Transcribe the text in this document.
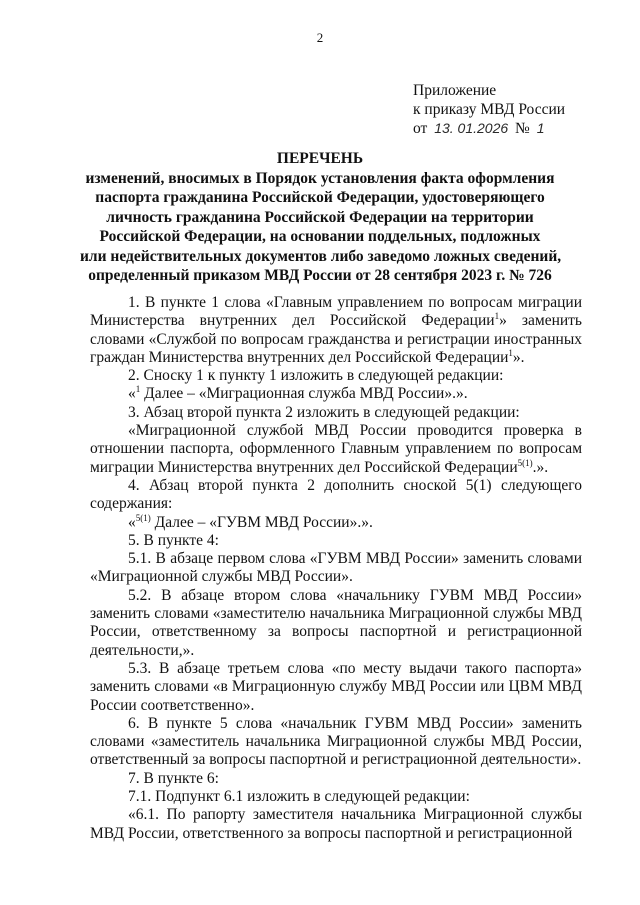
2
Приложение
к приказу МВД России
от 13. 01.2026 № 1
ПЕРЕЧЕНЬ
изменений, вносимых в Порядок установления факта оформления
паспорта гражданина Российской Федерации, удостоверяющего
личность гражданина Российской Федерации на территории
Российской Федерации, на основании поддельных, подложных
или недействительных документов либо заведомо ложных сведений,
определенный приказом МВД России от 28 сентября 2023 г. № 726

1. В пункте 1 слова «Главным управлением по вопросам миграции Министерства внутренних дел Российской Федерации$^1$» заменить словами «Службой по вопросам гражданства и регистрации иностранных граждан Министерства внутренних дел Российской Федерации$^1$».

2. Сноску 1 к пункту 1 изложить в следующей редакции:

«$^1$ Далее – «Миграционная служба МВД России».».

3. Абзац второй пункта 2 изложить в следующей редакции:

«Миграционной службой МВД России проводится проверка в отношении паспорта, оформленного Главным управлением по вопросам миграции Министерства внутренних дел Российской Федерации$^{5(1)}$.».

4. Абзац второй пункта 2 дополнить сноской 5(1) следующего содержания:

«$^{5(1)}$ Далее – «ГУВМ МВД России».».

5. В пункте 4:

5.1. В абзаце первом слова «ГУВМ МВД России» заменить словами «Миграционной службы МВД России».

5.2. В абзаце втором слова «начальнику ГУВМ МВД России» заменить словами «заместителю начальника Миграционной службы МВД России, ответственному за вопросы паспортной и регистрационной деятельности,».

5.3. В абзаце третьем слова «по месту выдачи такого паспорта» заменить словами «в Миграционную службу МВД России или ЦВМ МВД России соответственно».

6. В пункте 5 слова «начальник ГУВМ МВД России» заменить словами «заместитель начальника Миграционной службы МВД России, ответственный за вопросы паспортной и регистрационной деятельности».

7. В пункте 6:

7.1. Подпункт 6.1 изложить в следующей редакции:

«6.1. По рапорту заместителя начальника Миграционной службы МВД России, ответственного за вопросы паспортной и регистрационной
